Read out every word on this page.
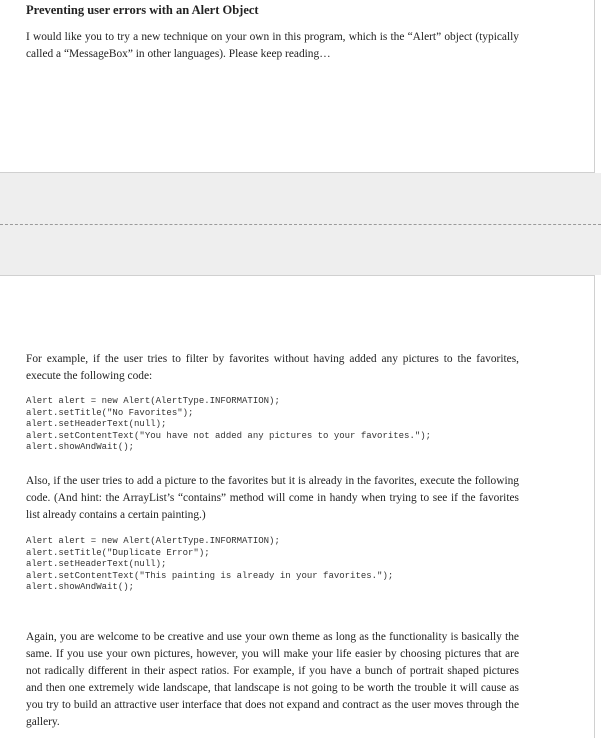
Preventing user errors with an Alert Object

I would like you to try a new technique on your own in this program, which is the “Alert” object (typically called a “MessageBox” in other languages). Please keep reading…

For example, if the user tries to filter by favorites without having added any pictures to the favorites, execute the following code:

Alert alert = new Alert(AlertType.INFORMATION);
alert.setTitle("No Favorites");
alert.setHeaderText(null);
alert.setContentText("You have not added any pictures to your favorites.");
alert.showAndWait();

Also, if the user tries to add a picture to the favorites but it is already in the favorites, execute the following code. (And hint: the ArrayList’s “contains” method will come in handy when trying to see if the favorites list already contains a certain painting.)

Alert alert = new Alert(AlertType.INFORMATION);
alert.setTitle("Duplicate Error");
alert.setHeaderText(null);
alert.setContentText("This painting is already in your favorites.");
alert.showAndWait();

Again, you are welcome to be creative and use your own theme as long as the functionality is basically the same. If you use your own pictures, however, you will make your life easier by choosing pictures that are not radically different in their aspect ratios. For example, if you have a bunch of portrait shaped pictures and then one extremely wide landscape, that landscape is not going to be worth the trouble it will cause as you try to build an attractive user interface that does not expand and contract as the user moves through the gallery.
